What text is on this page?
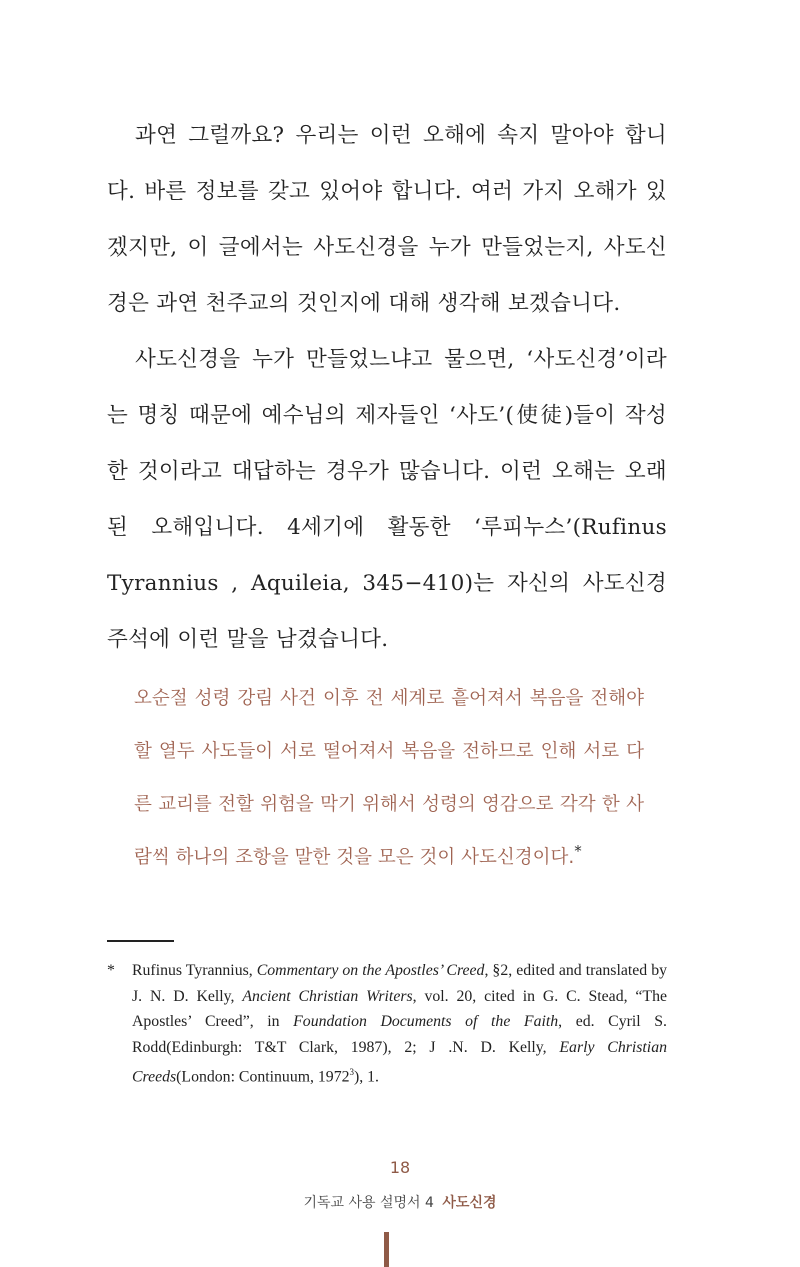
과연 그럴까요? 우리는 이런 오해에 속지 말아야 합니다. 바른 정보를 갖고 있어야 합니다. 여러 가지 오해가 있겠지만, 이 글에서는 사도신경을 누가 만들었는지, 사도신경은 과연 천주교의 것인지에 대해 생각해 보겠습니다.

사도신경을 누가 만들었느냐고 물으면, ‘사도신경’이라는 명칭 때문에 예수님의 제자들인 ‘사도’(使徒)들이 작성한 것이라고 대답하는 경우가 많습니다. 이런 오해는 오래된 오해입니다. 4세기에 활동한 ‘루피누스’(Rufinus Tyrannius , Aquileia, 345−410)는 자신의 사도신경 주석에 이런 말을 남겼습니다.

오순절 성령 강림 사건 이후 전 세계로 흩어져서 복음을 전해야 할 열두 사도들이 서로 떨어져서 복음을 전하므로 인해 서로 다른 교리를 전할 위험을 막기 위해서 성령의 영감으로 각각 한 사람씩 하나의 조항을 말한 것을 모은 것이 사도신경이다.*
*	Rufinus Tyrannius, Commentary on the Apostles’ Creed, §2, edited and translated by J. N. D. Kelly, Ancient Christian Writers, vol. 20, cited in G. C. Stead, “The Apostles’ Creed”, in Foundation Documents of the Faith, ed. Cyril S. Rodd(Edinburgh: T&T Clark, 1987), 2; J .N. D. Kelly, Early Christian Creeds(London: Continuum, 1972$^3$), 1.
18
기독교 사용 설명서 4 사도신경
